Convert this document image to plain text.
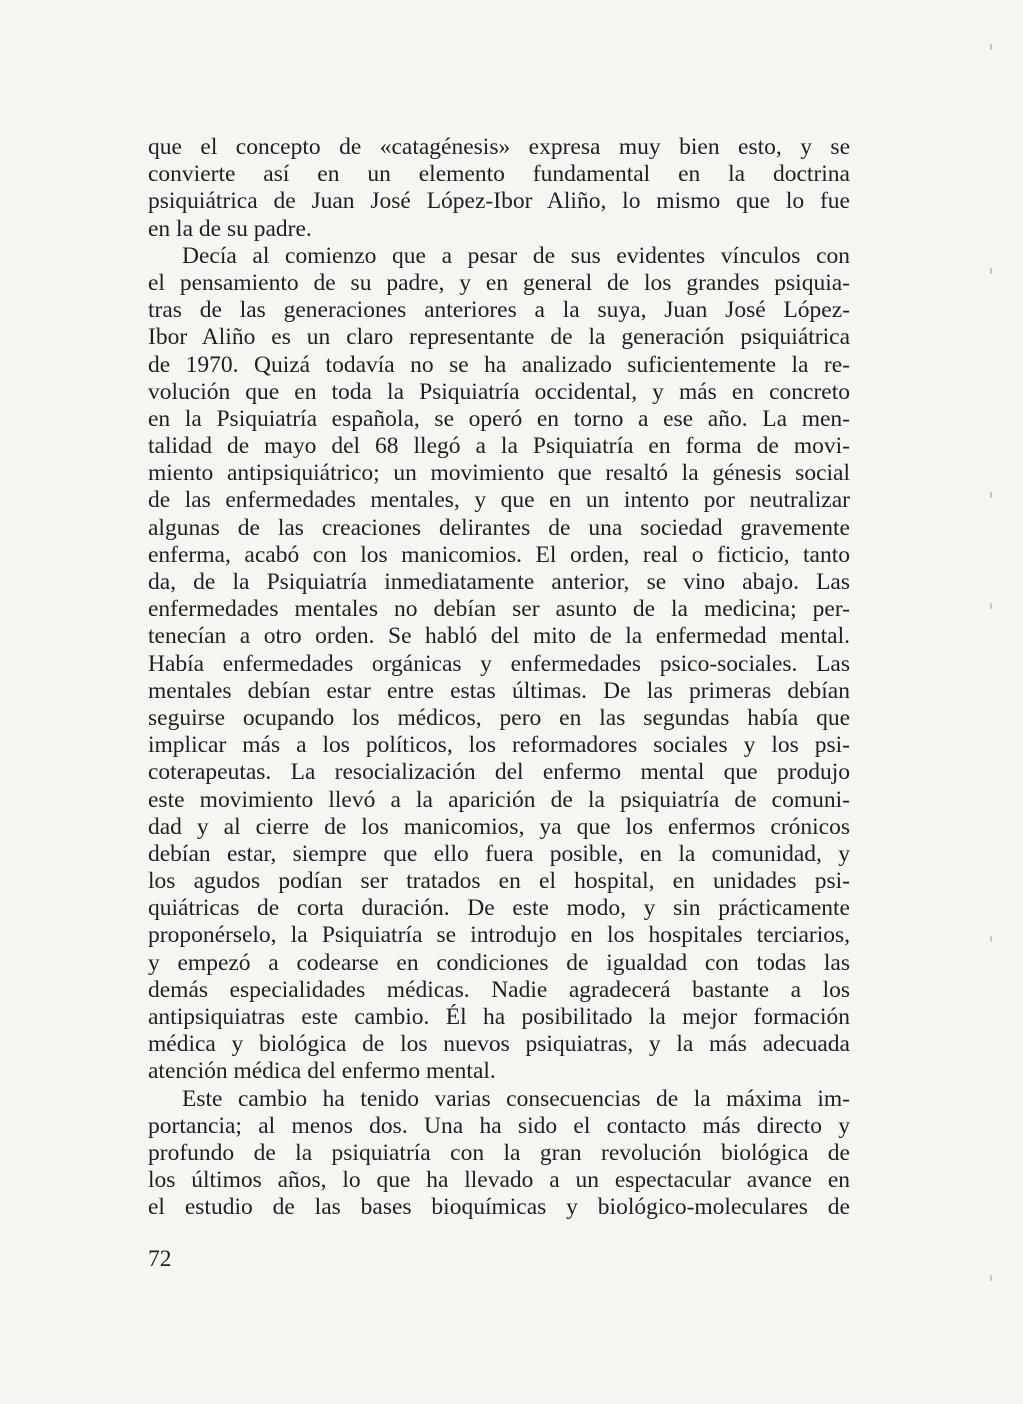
que el concepto de «catagénesis» expresa muy bien esto, y se
convierte así en un elemento fundamental en la doctrina
psiquiátrica de Juan José López-Ibor Aliño, lo mismo que lo fue
en la de su padre.
Decía al comienzo que a pesar de sus evidentes vínculos con
el pensamiento de su padre, y en general de los grandes psiquia-
tras de las generaciones anteriores a la suya, Juan José López-
Ibor Aliño es un claro representante de la generación psiquiátrica
de 1970. Quizá todavía no se ha analizado suficientemente la re-
volución que en toda la Psiquiatría occidental, y más en concreto
en la Psiquiatría española, se operó en torno a ese año. La men-
talidad de mayo del 68 llegó a la Psiquiatría en forma de movi-
miento antipsiquiátrico; un movimiento que resaltó la génesis social
de las enfermedades mentales, y que en un intento por neutralizar
algunas de las creaciones delirantes de una sociedad gravemente
enferma, acabó con los manicomios. El orden, real o ficticio, tanto
da, de la Psiquiatría inmediatamente anterior, se vino abajo. Las
enfermedades mentales no debían ser asunto de la medicina; per-
tenecían a otro orden. Se habló del mito de la enfermedad mental.
Había enfermedades orgánicas y enfermedades psico-sociales. Las
mentales debían estar entre estas últimas. De las primeras debían
seguirse ocupando los médicos, pero en las segundas había que
implicar más a los políticos, los reformadores sociales y los psi-
coterapeutas. La resocialización del enfermo mental que produjo
este movimiento llevó a la aparición de la psiquiatría de comuni-
dad y al cierre de los manicomios, ya que los enfermos crónicos
debían estar, siempre que ello fuera posible, en la comunidad, y
los agudos podían ser tratados en el hospital, en unidades psi-
quiátricas de corta duración. De este modo, y sin prácticamente
proponérselo, la Psiquiatría se introdujo en los hospitales terciarios,
y empezó a codearse en condiciones de igualdad con todas las
demás especialidades médicas. Nadie agradecerá bastante a los
antipsiquiatras este cambio. Él ha posibilitado la mejor formación
médica y biológica de los nuevos psiquiatras, y la más adecuada
atención médica del enfermo mental.
Este cambio ha tenido varias consecuencias de la máxima im-
portancia; al menos dos. Una ha sido el contacto más directo y
profundo de la psiquiatría con la gran revolución biológica de
los últimos años, lo que ha llevado a un espectacular avance en
el estudio de las bases bioquímicas y biológico-moleculares de
72
